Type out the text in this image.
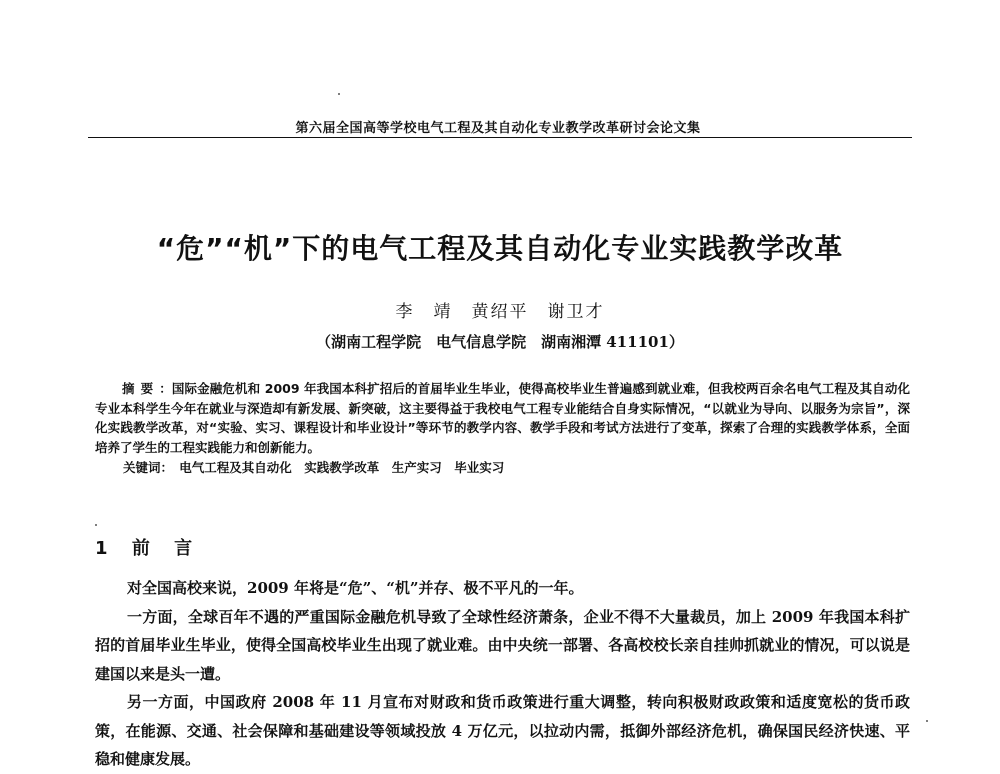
第六届全国高等学校电气工程及其自动化专业教学改革研讨会论文集
“危”“机”下的电气工程及其自动化专业实践教学改革
李　靖　黄绍平　谢卫才
（湖南工程学院　电气信息学院　湖南湘潭 411101）
摘要：国际金融危机和 2009 年我国本科扩招后的首届毕业生毕业，使得高校毕业生普遍感到就业难，但我校两百余名电气工程及其自动化专业本科学生今年在就业与深造却有新发展、新突破，这主要得益于我校电气工程专业能结合自身实际情况，“以就业为导向、以服务为宗旨”，深化实践教学改革，对“实验、实习、课程设计和毕业设计”等环节的教学内容、教学手段和考试方法进行了变革，探索了合理的实践教学体系，全面培养了学生的工程实践能力和创新能力。
关键词：　电气工程及其自动化　实践教学改革　生产实习　毕业实习
1 前 言

对全国高校来说，2009 年将是“危”、“机”并存、极不平凡的一年。

一方面，全球百年不遇的严重国际金融危机导致了全球性经济萧条，企业不得不大量裁员，加上 2009 年我国本科扩招的首届毕业生毕业，使得全国高校毕业生出现了就业难。由中央统一部署、各高校校长亲自挂帅抓就业的情况，可以说是建国以来是头一遭。

另一方面，中国政府 2008 年 11 月宣布对财政和货币政策进行重大调整，转向积极财政政策和适度宽松的货币政策，在能源、交通、社会保障和基础建设等领域投放 4 万亿元，以拉动内需，抵御外部经济危机，确保国民经济快速、平稳和健康发展。
